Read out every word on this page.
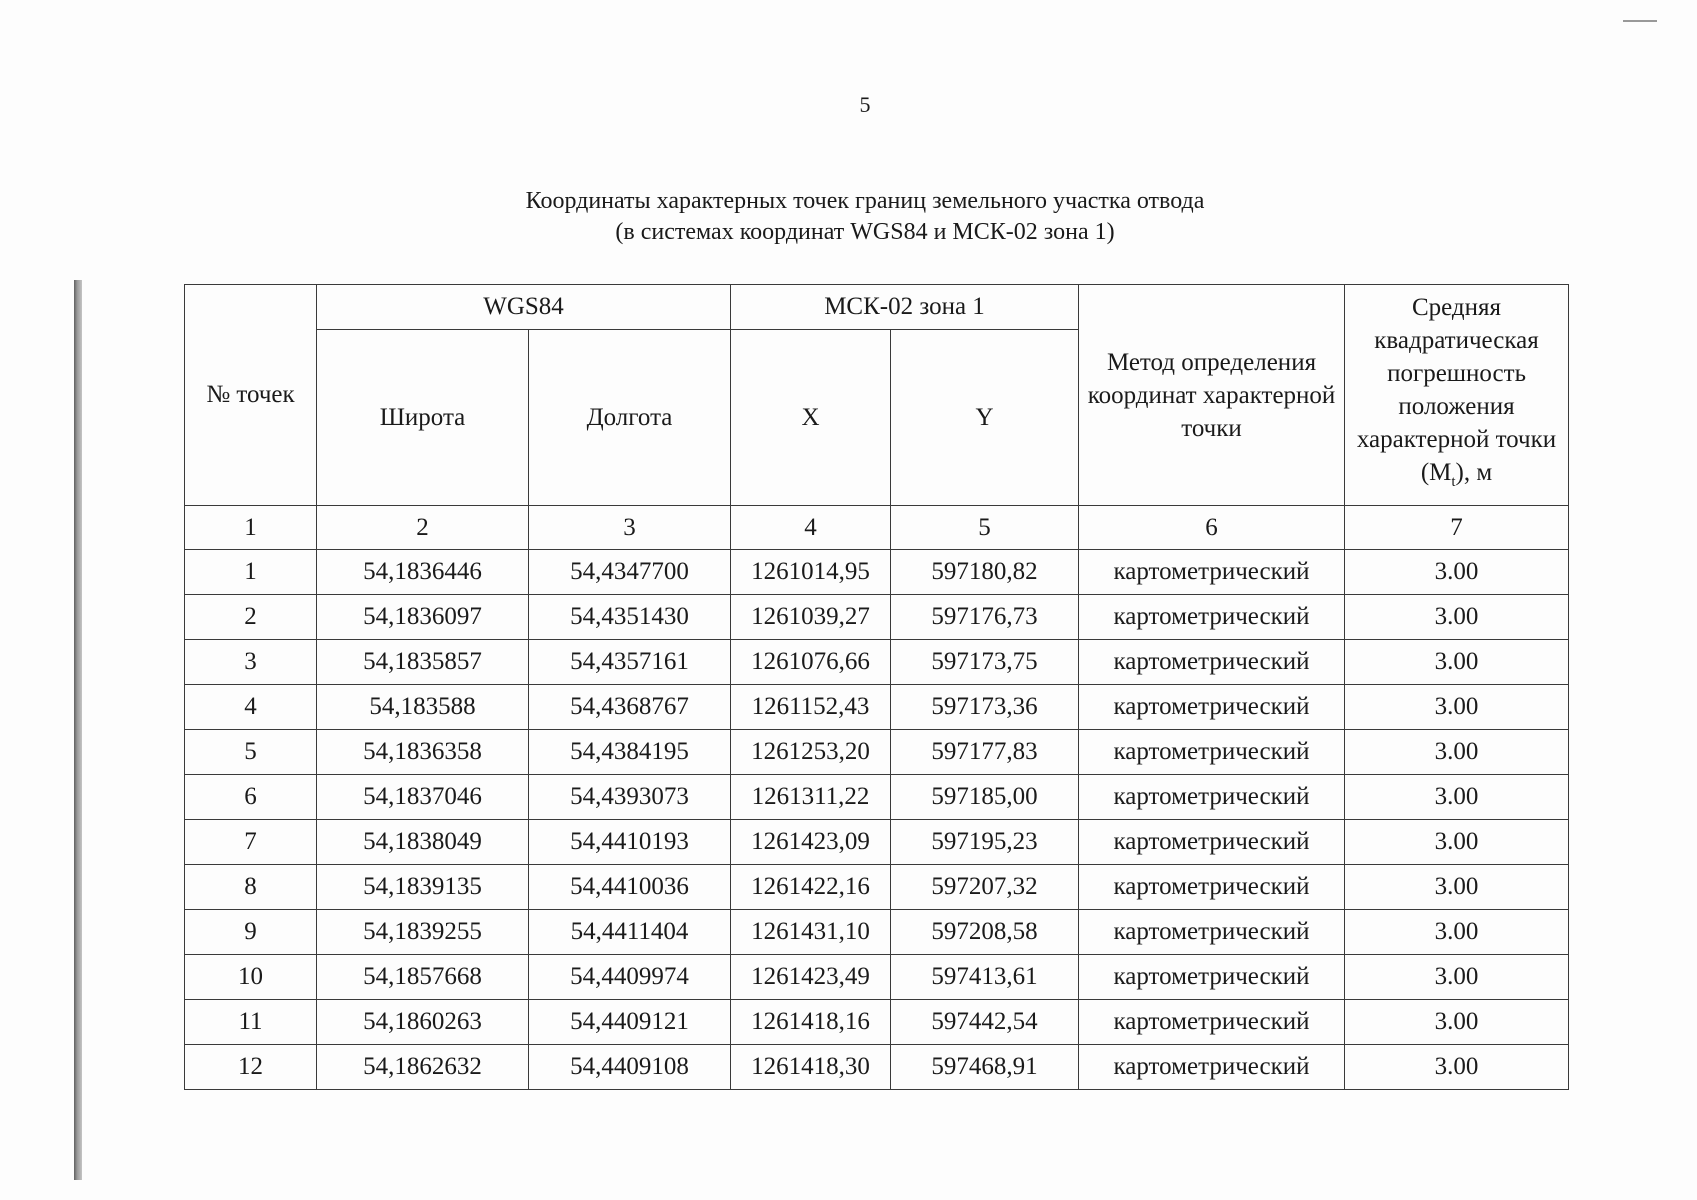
5
Координаты характерных точек границ земельного участка отвода
(в системах координат WGS84 и МСК-02 зона 1)
№ точек	WGS84		МСК-02 зона 1		Метод определения координат характерной точки	Средняя квадратическая погрешность положения характерной точки $(M_t)$, м
	Широта	Долгота	X	Y		
1	2	3	4	5	6	7
1	54,1836446	54,4347700	1261014,95	597180,82	картометрический	3.00
2	54,1836097	54,4351430	1261039,27	597176,73	картометрический	3.00
3	54,1835857	54,4357161	1261076,66	597173,75	картометрический	3.00
4	54,183588	54,4368767	1261152,43	597173,36	картометрический	3.00
5	54,1836358	54,4384195	1261253,20	597177,83	картометрический	3.00
6	54,1837046	54,4393073	1261311,22	597185,00	картометрический	3.00
7	54,1838049	54,4410193	1261423,09	597195,23	картометрический	3.00
8	54,1839135	54,4410036	1261422,16	597207,32	картометрический	3.00
9	54,1839255	54,4411404	1261431,10	597208,58	картометрический	3.00
10	54,1857668	54,4409974	1261423,49	597413,61	картометрический	3.00
11	54,1860263	54,4409121	1261418,16	597442,54	картометрический	3.00
12	54,1862632	54,4409108	1261418,30	597468,91	картометрический	3.00
